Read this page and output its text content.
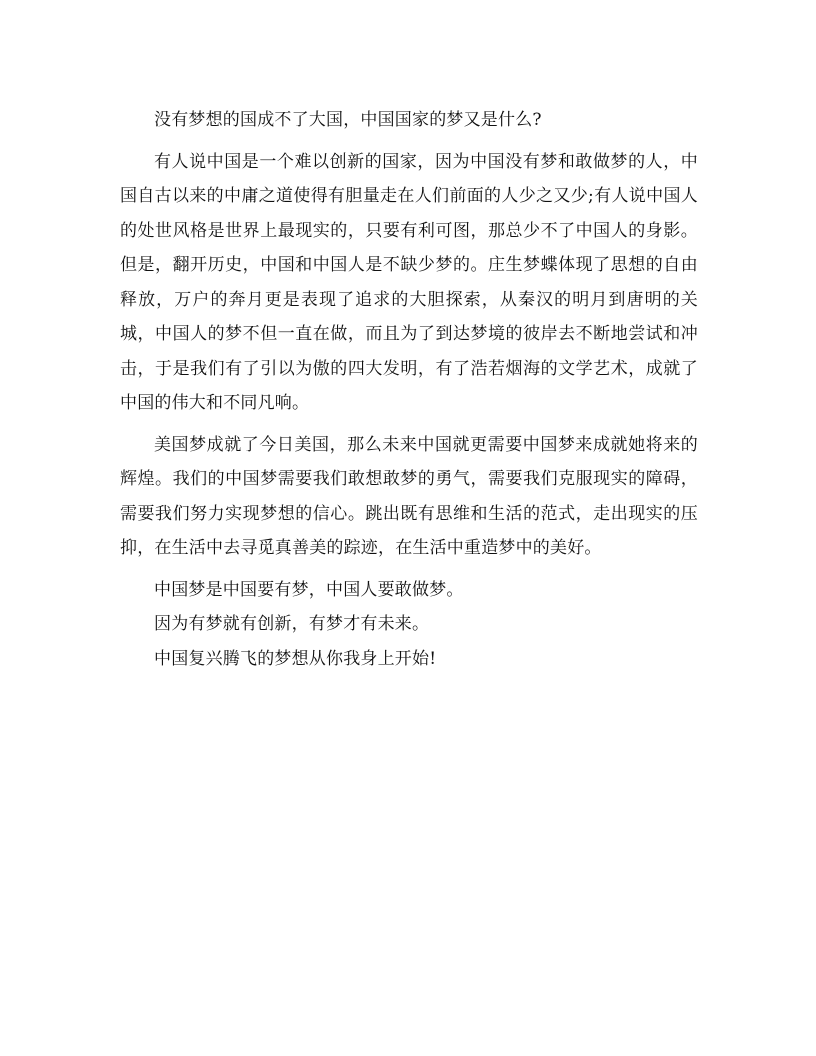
没有梦想的国成不了大国，中国国家的梦又是什么?

有人说中国是一个难以创新的国家，因为中国没有梦和敢做梦的人，中国自古以来的中庸之道使得有胆量走在人们前面的人少之又少;有人说中国人的处世风格是世界上最现实的，只要有利可图，那总少不了中国人的身影。但是，翻开历史，中国和中国人是不缺少梦的。庄生梦蝶体现了思想的自由释放，万户的奔月更是表现了追求的大胆探索，从秦汉的明月到唐明的关城，中国人的梦不但一直在做，而且为了到达梦境的彼岸去不断地尝试和冲击，于是我们有了引以为傲的四大发明，有了浩若烟海的文学艺术，成就了中国的伟大和不同凡响。

美国梦成就了今日美国，那么未来中国就更需要中国梦来成就她将来的辉煌。我们的中国梦需要我们敢想敢梦的勇气，需要我们克服现实的障碍，需要我们努力实现梦想的信心。跳出既有思维和生活的范式，走出现实的压抑，在生活中去寻觅真善美的踪迹，在生活中重造梦中的美好。

中国梦是中国要有梦，中国人要敢做梦。

因为有梦就有创新，有梦才有未来。

中国复兴腾飞的梦想从你我身上开始!
